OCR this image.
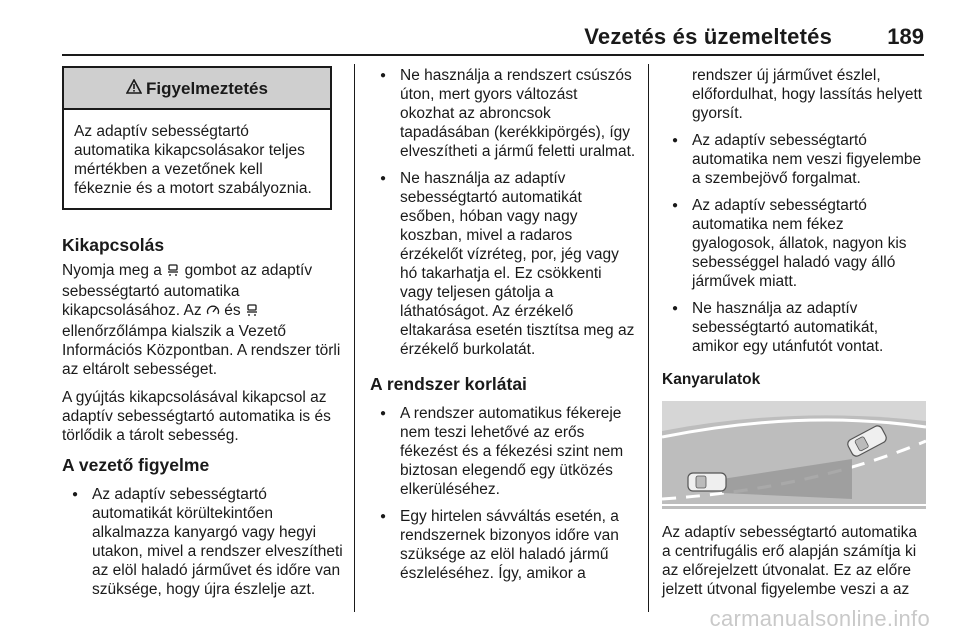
Vezetés és üzemeltetés	189
Figyelmeztetés
Az adaptív sebességtartó automatika kikapcsolásakor teljes mértékben a vezetőnek kell fékeznie és a motort szabályoznia.
Kikapcsolás

Nyomja meg a gombot az adaptív sebességtartó automatika kikapcsolásához. Az és  ellenőrzőlámpa kialszik a Vezető Információs Központban. A rendszer törli az eltárolt sebességet.

A gyújtás kikapcsolásával kikapcsol az adaptív sebességtartó automatika is és törlődik a tárolt sebesség.

A vezető figyelme
● Az adaptív sebességtartó automatikát körültekintően alkalmazza kanyargó vagy hegyi utakon, mivel a rendszer elveszítheti az elöl haladó járművet és időre van szüksége, hogy újra észlelje azt.
● Ne használja a rendszert csúszós úton, mert gyors változást okozhat az abroncsok tapadásában (kerékkipörgés), így elveszítheti a jármű feletti uralmat.
● Ne használja az adaptív sebességtartó automatikát esőben, hóban vagy nagy koszban, mivel a radaros érzékelőt vízréteg, por, jég vagy hó takarhatja el. Ez csökkenti vagy teljesen gátolja a láthatóságot. Az érzékelő eltakarása esetén tisztítsa meg az érzékelő burkolatát.
A rendszer korlátai
● A rendszer automatikus fékereje nem teszi lehetővé az erős fékezést és a fékezési szint nem biztosan elegendő egy ütközés elkerüléséhez.
● Egy hirtelen sávváltás esetén, a rendszernek bizonyos időre van szüksége az elöl haladó jármű észleléséhez. Így, amikor a
rendszer új járművet észlel, előfordulhat, hogy lassítás helyett gyorsít.
● Az adaptív sebességtartó automatika nem veszi figyelembe a szembejövő forgalmat.
● Az adaptív sebességtartó automatika nem fékez gyalogosok, állatok, nagyon kis sebességgel haladó vagy álló járművek miatt.
● Ne használja az adaptív sebességtartó automatikát, amikor egy utánfutót vontat.
Kanyarulatok

Az adaptív sebességtartó automatika a centrifugális erő alapján számítja ki az előrejelzett útvonalat. Ez az előre jelzett útvonal figyelembe veszi a az

carmanualsonline.info
